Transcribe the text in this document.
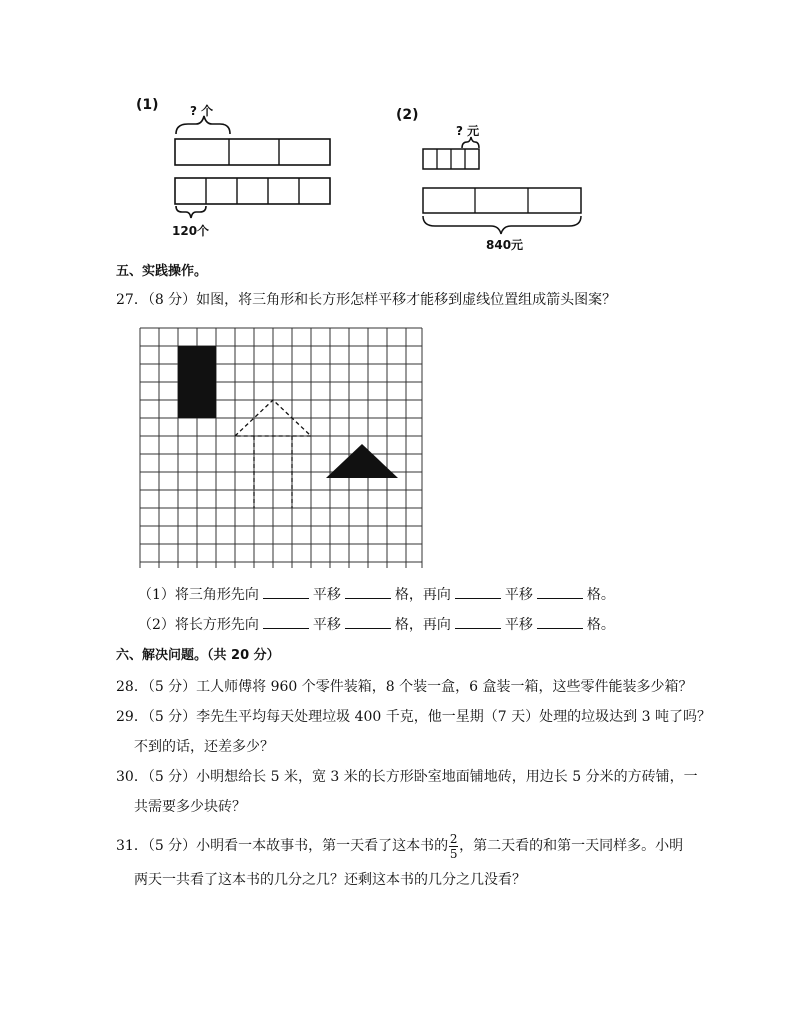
(1)	? 个
120个
(2)
? 元
840元
五、实践操作。
27．（8 分）如图，将三角形和长方形怎样平移才能移到虚线位置组成箭头图案？
（1）将三角形先向	平移	格，再向	平移	格。
（2）将长方形先向	平移	格，再向	平移	格。
六、解决问题。（共 20 分）
28．（5 分）工人师傅将 960 个零件装箱，8 个装一盒，6 盒装一箱，这些零件能装多少箱？
29．（5 分）李先生平均每天处理垃圾 400 千克，他一星期（7 天）处理的垃圾达到 3 吨了吗？
不到的话，还差多少？
30．（5 分）小明想给长 5 米，宽 3 米的长方形卧室地面铺地砖，用边长 5 分米的方砖铺，一
共需要多少块砖？
31．（5 分）小明看一本故事书，第一天看了这本书的 $\frac{2}{5}$ ，第二天看的和第一天同样多。小明
两天一共看了这本书的几分之几？还剩这本书的几分之几没看？
